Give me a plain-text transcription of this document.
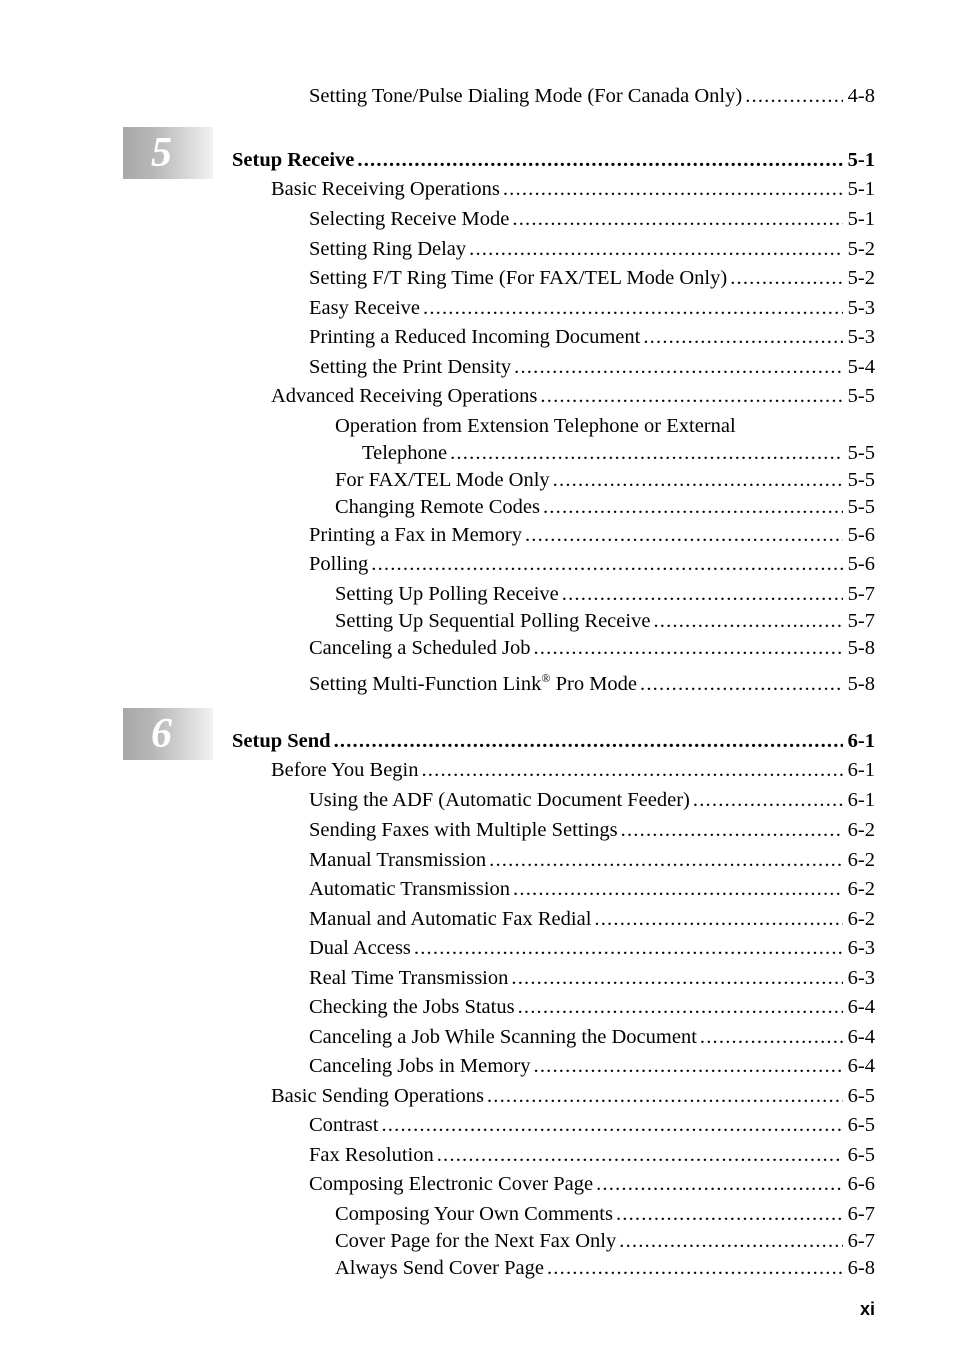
5
6
Setting Tone/Pulse Dialing Mode (For Canada Only) .....	4-8
Setup Receive .....	5-1
Basic Receiving Operations .....	5-1
Selecting Receive Mode .....	5-1
Setting Ring Delay .....	5-2
Setting F/T Ring Time (For FAX/TEL Mode Only) .....	5-2
Easy Receive .....	5-3
Printing a Reduced Incoming Document .....	5-3
Setting the Print Density .....	5-4
Advanced Receiving Operations .....	5-5
Operation from Extension Telephone or External
Telephone .....	5-5
For FAX/TEL Mode Only .....	5-5
Changing Remote Codes .....	5-5
Printing a Fax in Memory .....	5-6
Polling .....	5-6
Setting Up Polling Receive .....	5-7
Setting Up Sequential Polling Receive .....	5-7
Canceling a Scheduled Job .....	5-8
Setting Multi-Function Link® Pro Mode .....	5-8
Setup Send .....	6-1
Before You Begin .....	6-1
Using the ADF (Automatic Document Feeder) .....	6-1
Sending Faxes with Multiple Settings .....	6-2
Manual Transmission .....	6-2
Automatic Transmission .....	6-2
Manual and Automatic Fax Redial .....	6-2
Dual Access .....	6-3
Real Time Transmission .....	6-3
Checking the Jobs Status .....	6-4
Canceling a Job While Scanning the Document .....	6-4
Canceling Jobs in Memory .....	6-4
Basic Sending Operations .....	6-5
Contrast .....	6-5
Fax Resolution .....	6-5
Composing Electronic Cover Page .....	6-6
Composing Your Own Comments .....	6-7
Cover Page for the Next Fax Only .....	6-7
Always Send Cover Page .....	6-8
xi
